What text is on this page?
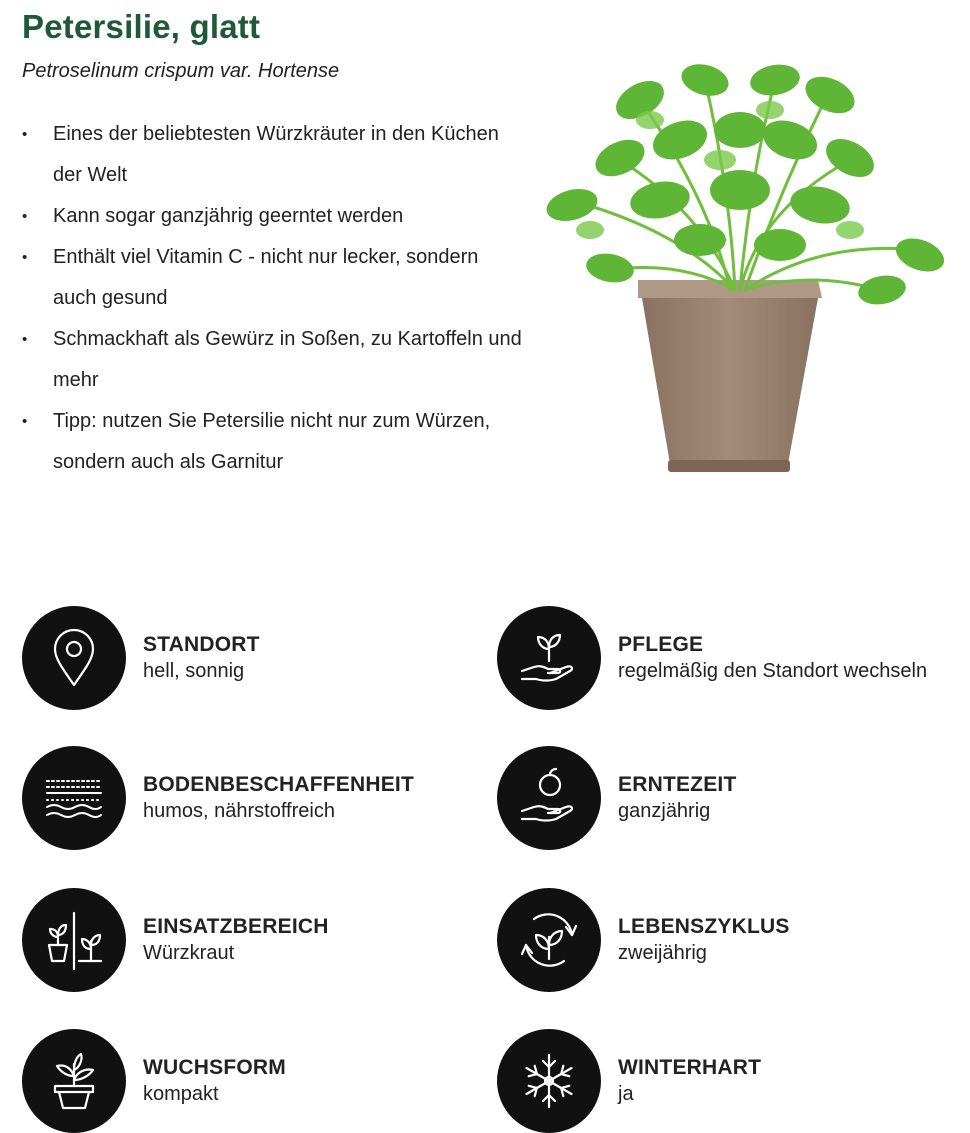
Petersilie, glatt
Petroselinum crispum var. Hortense
• Eines der beliebtesten Würzkräuter in den Küchen der Welt
• Kann sogar ganzjährig geerntet werden
• Enthält viel Vitamin C - nicht nur lecker, sondern auch gesund
• Schmackhaft als Gewürz in Soßen, zu Kartoffeln und mehr
• Tipp: nutzen Sie Petersilie nicht nur zum Würzen, sondern auch als Garnitur
STANDORT
hell, sonnig
PFLEGE
regelmäßig den Standort wechseln
BODENBESCHAFFENHEIT
humos, nährstoffreich
ERNTEZEIT
ganzjährig
EINSATZBEREICH
Würzkraut
LEBENSZYKLUS
zweijährig
WUCHSFORM
kompakt
WINTERHART
ja
